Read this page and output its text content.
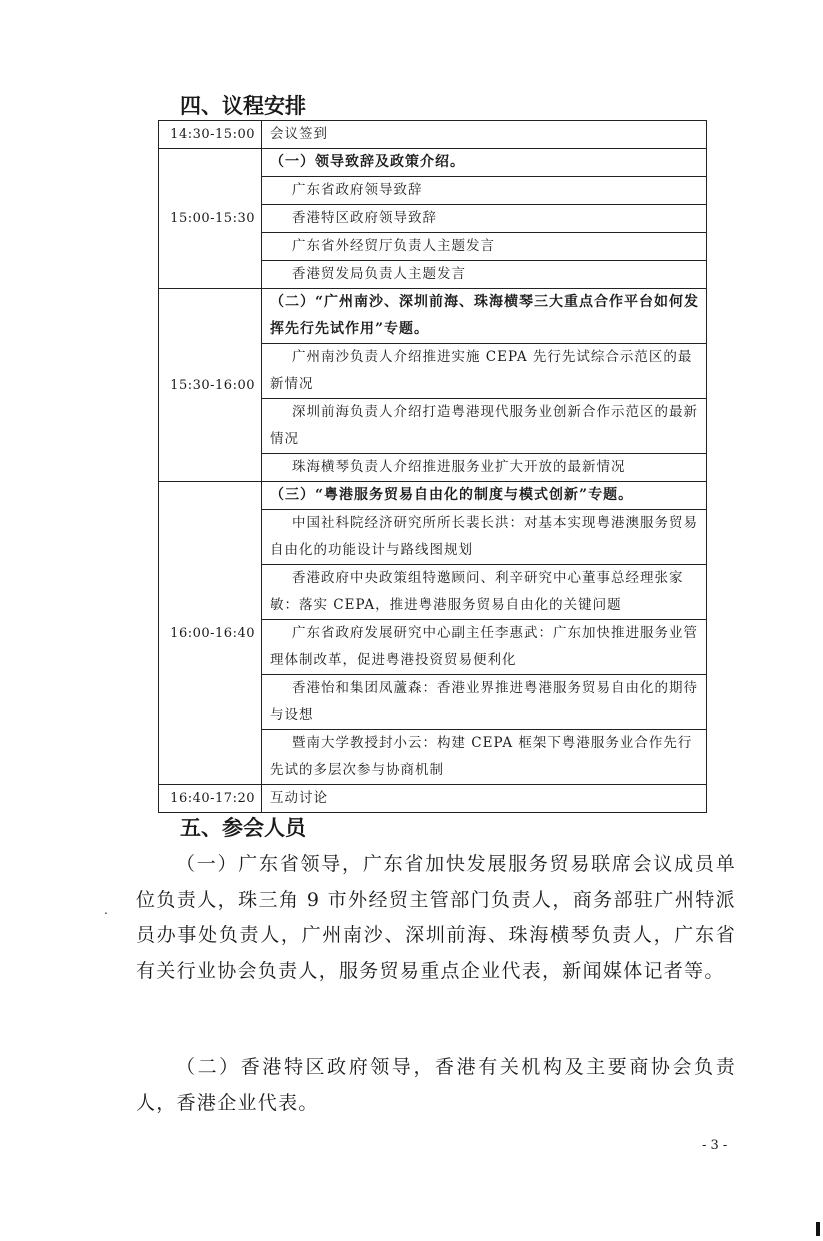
四、议程安排
14:30-15:00	会议签到
15:00-15:30	（一）领导致辞及政策介绍。
	广东省政府领导致辞
	香港特区政府领导致辞
	广东省外经贸厅负责人主题发言
	香港贸发局负责人主题发言
15:30-16:00	（二）“广州南沙、深圳前海、珠海横琴三大重点合作平台如何发挥先行先试作用”专题。
	广州南沙负责人介绍推进实施 CEPA 先行先试综合示范区的最新情况
	深圳前海负责人介绍打造粤港现代服务业创新合作示范区的最新情况
	珠海横琴负责人介绍推进服务业扩大开放的最新情况
16:00-16:40	（三）“粤港服务贸易自由化的制度与模式创新”专题。
	中国社科院经济研究所所长裴长洪：对基本实现粤港澳服务贸易自由化的功能设计与路线图规划
	香港政府中央政策组特邀顾问、利辛研究中心董事总经理张家敏：落实 CEPA，推进粤港服务贸易自由化的关键问题
	广东省政府发展研究中心副主任李惠武：广东加快推进服务业管理体制改革，促进粤港投资贸易便利化
	香港怡和集团凤蘆森：香港业界推进粤港服务贸易自由化的期待与设想
	暨南大学教授封小云：构建 CEPA 框架下粤港服务业合作先行先试的多层次参与协商机制
16:40-17:20	互动讨论
五、参会人员
（一）广东省领导，广东省加快发展服务贸易联席会议成员单位负责人，珠三角 9 市外经贸主管部门负责人，商务部驻广州特派员办事处负责人，广州南沙、深圳前海、珠海横琴负责人，广东省有关行业协会负责人，服务贸易重点企业代表，新闻媒体记者等。
（二）香港特区政府领导，香港有关机构及主要商协会负责人，香港企业代表。
.
- 3 -
